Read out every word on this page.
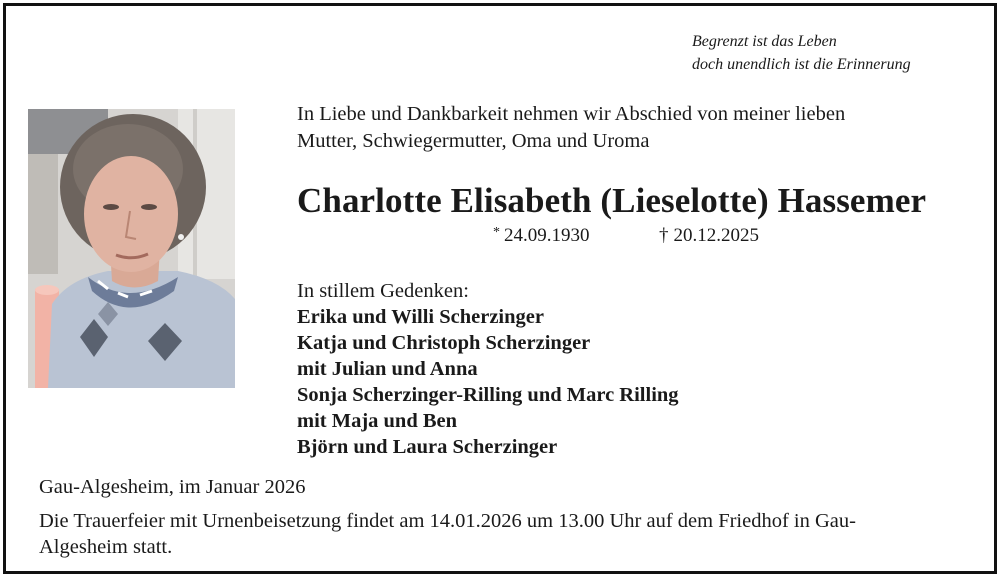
Begrenzt ist das Leben
doch unendlich ist die Erinnerung
In Liebe und Dankbarkeit nehmen wir Abschied von meiner lieben
Mutter, Schwiegermutter, Oma und Uroma
Charlotte Elisabeth (Lieselotte) Hassemer
* 24.09.1930	† 20.12.2025
In stillem Gedenken:
Erika und Willi Scherzinger
Katja und Christoph Scherzinger
mit Julian und Anna
Sonja Scherzinger-Rilling und Marc Rilling
mit Maja und Ben
Björn und Laura Scherzinger
Gau-Algesheim, im Januar 2026
Die Trauerfeier mit Urnenbeisetzung findet am 14.01.2026 um 13.00 Uhr auf dem Friedhof in Gau-Algesheim statt.
